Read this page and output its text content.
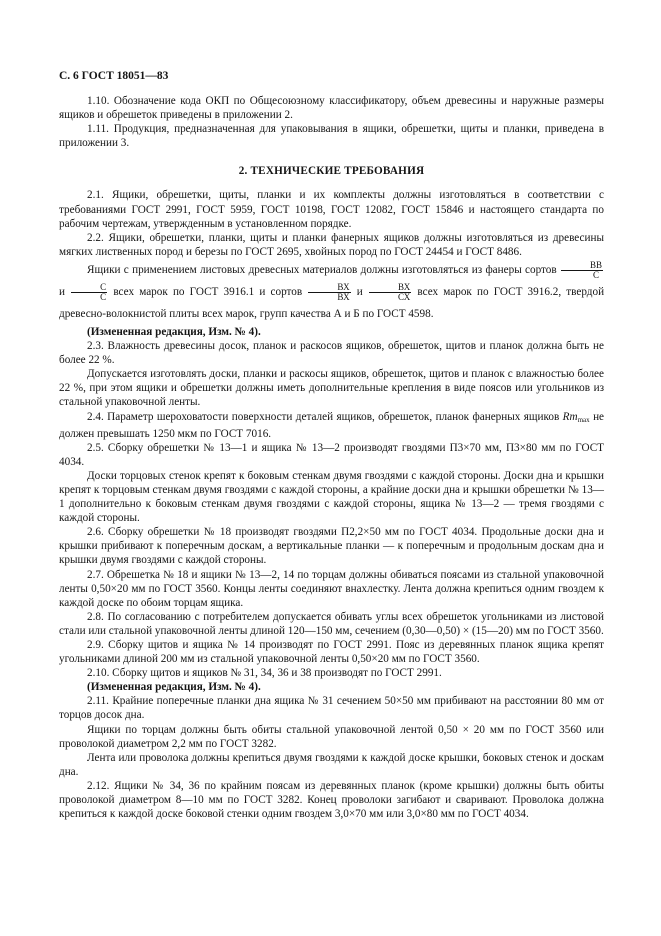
С. 6 ГОСТ 18051—83

1.10. Обозначение кода ОКП по Общесоюзному классификатору, объем древесины и наружные размеры ящиков и обрешеток приведены в приложении 2.

1.11. Продукция, предназначенная для упаковывания в ящики, обрешетки, щиты и планки, приведена в приложении 3.

2. ТЕХНИЧЕСКИЕ ТРЕБОВАНИЯ

2.1. Ящики, обрешетки, щиты, планки и их комплекты должны изготовляться в соответствии с требованиями ГОСТ 2991, ГОСТ 5959, ГОСТ 10198, ГОСТ 12082, ГОСТ 15846 и настоящего стандарта по рабочим чертежам, утвержденным в установленном порядке.

2.2. Ящики, обрешетки, планки, щиты и планки фанерных ящиков должны изготовляться из древесины мягких лиственных пород и березы по ГОСТ 2695, хвойных пород по ГОСТ 24454 и ГОСТ 8486.

Ящики с применением листовых древесных материалов должны изготовляться из фанеры сортов $\frac{ВВ}{С}$
и $\frac{С}{С}$ всех марок по ГОСТ 3916.1 и сортов $\frac{ВХ}{ВХ}$ и $\frac{ВХ}{СХ}$ всех марок по ГОСТ 3916.2, твердой древесно-волокнистой плиты всех марок, групп качества А и Б по ГОСТ 4598.

(Измененная редакция, Изм. № 4).

2.3. Влажность древесины досок, планок и раскосов ящиков, обрешеток, щитов и планок должна быть не более 22 %.

Допускается изготовлять доски, планки и раскосы ящиков, обрешеток, щитов и планок с влажностью более 22 %, при этом ящики и обрешетки должны иметь дополнительные крепления в виде поясов или угольников из стальной упаковочной ленты.

2.4. Параметр шероховатости поверхности деталей ящиков, обрешеток, планок фанерных ящиков $Rm_{max}$ не должен превышать 1250 мкм по ГОСТ 7016.

2.5. Сборку обрешетки № 13—1 и ящика № 13—2 производят гвоздями П3×70 мм, П3×80 мм по ГОСТ 4034.

Доски торцовых стенок крепят к боковым стенкам двумя гвоздями с каждой стороны. Доски дна и крышки крепят к торцовым стенкам двумя гвоздями с каждой стороны, а крайние доски дна и крышки обрешетки № 13—1 дополнительно к боковым стенкам двумя гвоздями с каждой стороны, ящика № 13—2 — тремя гвоздями с каждой стороны.

2.6. Сборку обрешетки № 18 производят гвоздями П2,2×50 мм по ГОСТ 4034. Продольные доски дна и крышки прибивают к поперечным доскам, а вертикальные планки — к поперечным и продольным доскам дна и крышки двумя гвоздями с каждой стороны.

2.7. Обрешетка № 18 и ящики № 13—2, 14 по торцам должны обиваться поясами из стальной упаковочной ленты 0,50×20 мм по ГОСТ 3560. Концы ленты соединяют внахлестку. Лента должна крепиться одним гвоздем к каждой доске по обоим торцам ящика.

2.8. По согласованию с потребителем допускается обивать углы всех обрешеток угольниками из листовой стали или стальной упаковочной ленты длиной 120—150 мм, сечением (0,30—0,50) × (15—20) мм по ГОСТ 3560.

2.9. Сборку щитов и ящика № 14 производят по ГОСТ 2991. Пояс из деревянных планок ящика крепят угольниками длиной 200 мм из стальной упаковочной ленты 0,50×20 мм по ГОСТ 3560.

2.10. Сборку щитов и ящиков № 31, 34, 36 и 38 производят по ГОСТ 2991.

(Измененная редакция, Изм. № 4).

2.11. Крайние поперечные планки дна ящика № 31 сечением 50×50 мм прибивают на расстоянии 80 мм от торцов досок дна.

Ящики по торцам должны быть обиты стальной упаковочной лентой 0,50 × 20 мм по ГОСТ 3560 или проволокой диаметром 2,2 мм по ГОСТ 3282.

Лента или проволока должны крепиться двумя гвоздями к каждой доске крышки, боковых стенок и доскам дна.

2.12. Ящики № 34, 36 по крайним поясам из деревянных планок (кроме крышки) должны быть обиты проволокой диаметром 8—10 мм по ГОСТ 3282. Конец проволоки загибают и сваривают. Проволока должна крепиться к каждой доске боковой стенки одним гвоздем 3,0×70 мм или 3,0×80 мм по ГОСТ 4034.
